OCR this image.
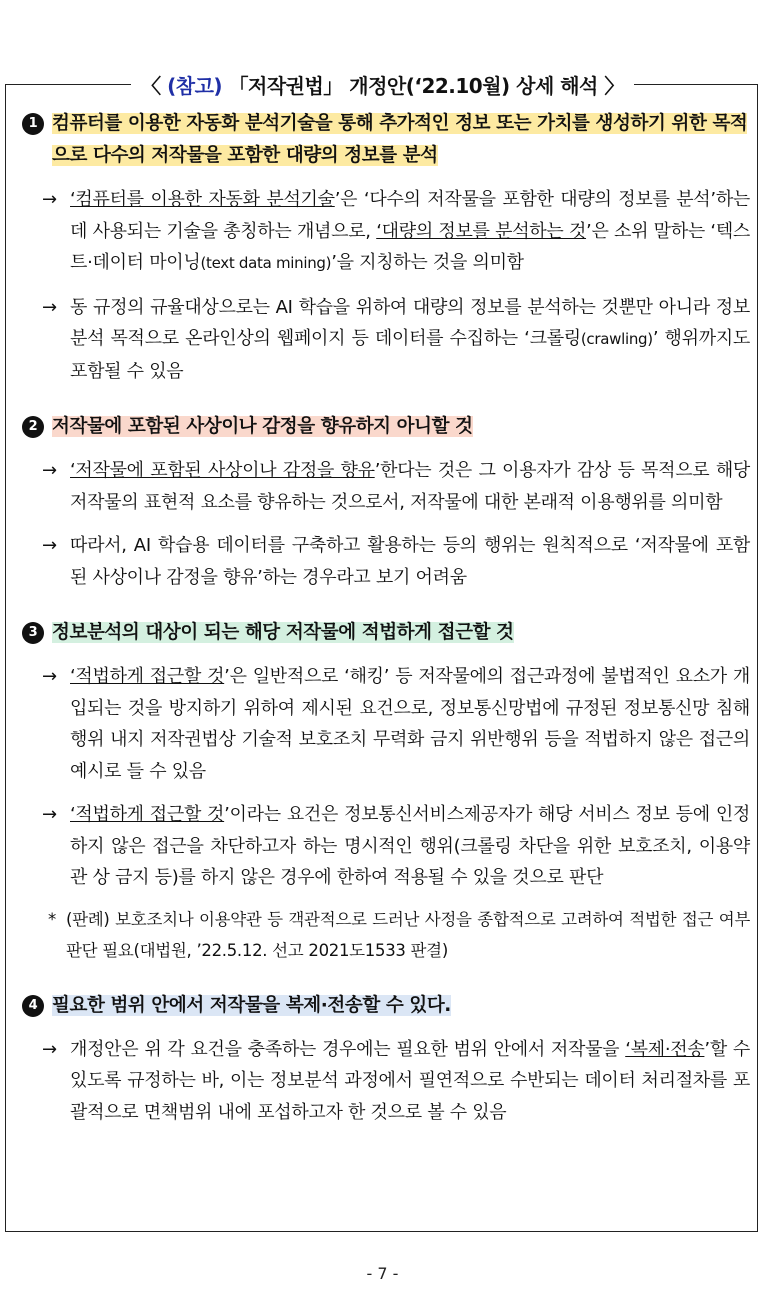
〈 (참고) 「저작권법」 개정안(‘22.10월) 상세 해석 〉
1 컴퓨터를 이용한 자동화 분석기술을 통해 추가적인 정보 또는 가치를 생성하기 위한 목적으로 다수의 저작물을 포함한 대량의 정보를 분석
→ ‘컴퓨터를 이용한 자동화 분석기술’은 ‘다수의 저작물을 포함한 대량의 정보를 분석’하는데 사용되는 기술을 총칭하는 개념으로, ‘대량의 정보를 분석하는 것’은 소위 말하는 ‘텍스트·데이터 마이닝(text data mining)’을 지칭하는 것을 의미함
→ 동 규정의 규율대상으로는 AI 학습을 위하여 대량의 정보를 분석하는 것뿐만 아니라 정보분석 목적으로 온라인상의 웹페이지 등 데이터를 수집하는 ‘크롤링(crawling)’ 행위까지도 포함될 수 있음
2 저작물에 포함된 사상이나 감정을 향유하지 아니할 것
→ ‘저작물에 포함된 사상이나 감정을 향유’한다는 것은 그 이용자가 감상 등 목적으로 해당 저작물의 표현적 요소를 향유하는 것으로서, 저작물에 대한 본래적 이용행위를 의미함
→ 따라서, AI 학습용 데이터를 구축하고 활용하는 등의 행위는 원칙적으로 ‘저작물에 포함된 사상이나 감정을 향유’하는 경우라고 보기 어려움
3 정보분석의 대상이 되는 해당 저작물에 적법하게 접근할 것
→ ‘적법하게 접근할 것’은 일반적으로 ‘해킹’ 등 저작물에의 접근과정에 불법적인 요소가 개입되는 것을 방지하기 위하여 제시된 요건으로, 정보통신망법에 규정된 정보통신망 침해행위 내지 저작권법상 기술적 보호조치 무력화 금지 위반행위 등을 적법하지 않은 접근의 예시로 들 수 있음
→ ‘적법하게 접근할 것’이라는 요건은 정보통신서비스제공자가 해당 서비스 정보 등에 인정하지 않은 접근을 차단하고자 하는 명시적인 행위(크롤링 차단을 위한 보호조치, 이용약관 상 금지 등)를 하지 않은 경우에 한하여 적용될 수 있을 것으로 판단
* (판례) 보호조치나 이용약관 등 객관적으로 드러난 사정을 종합적으로 고려하여 적법한 접근 여부 판단 필요(대법원, ’22.5.12. 선고 2021도1533 판결)
4 필요한 범위 안에서 저작물을 복제·전송할 수 있다.
→ 개정안은 위 각 요건을 충족하는 경우에는 필요한 범위 안에서 저작물을 ‘복제·전송’할 수 있도록 규정하는 바, 이는 정보분석 과정에서 필연적으로 수반되는 데이터 처리절차를 포괄적으로 면책범위 내에 포섭하고자 한 것으로 볼 수 있음
- 7 -
